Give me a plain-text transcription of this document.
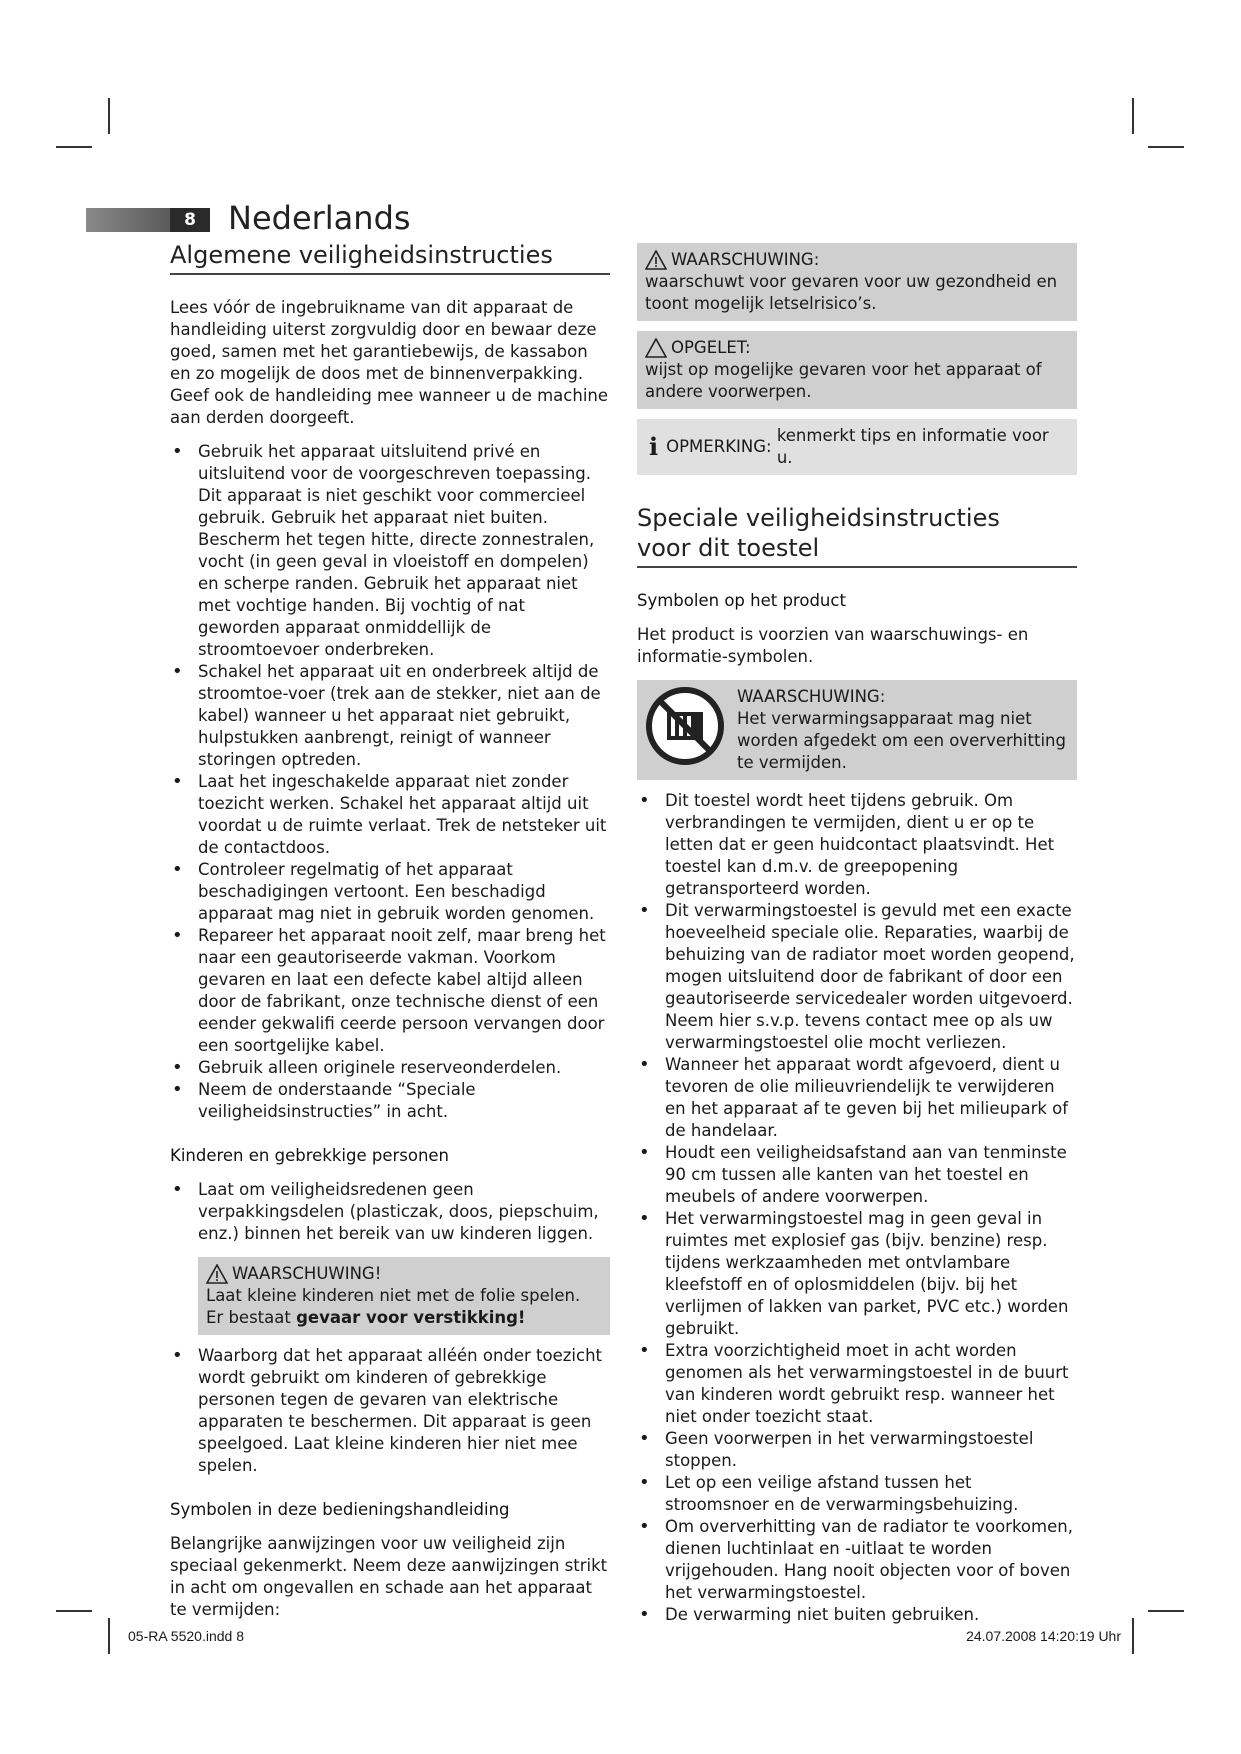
8	Nederlands
Algemene veiligheidsinstructies

Lees vóór de ingebruikname van dit apparaat de handleiding uiterst zorgvuldig door en bewaar deze goed, samen met het garantiebewijs, de kassabon en zo mogelijk de doos met de binnenverpakking. Geef ook de handleiding mee wanneer u de machine aan derden doorgeeft.

• Gebruik het apparaat uitsluitend privé en uitsluitend voor de voorgeschreven toepassing. Dit apparaat is niet geschikt voor commercieel gebruik. Gebruik het apparaat niet buiten. Bescherm het tegen hitte, directe zonnestralen, vocht (in geen geval in vloeistoff en dompelen) en scherpe randen. Gebruik het apparaat niet met vochtige handen. Bij vochtig of nat geworden apparaat onmiddellijk de stroomtoevoer onderbreken.
• Schakel het apparaat uit en onderbreek altijd de stroomtoe-voer (trek aan de stekker, niet aan de kabel) wanneer u het apparaat niet gebruikt, hulpstukken aanbrengt, reinigt of wanneer storingen optreden.
• Laat het ingeschakelde apparaat niet zonder toezicht werken. Schakel het apparaat altijd uit voordat u de ruimte verlaat. Trek de netsteker uit de contactdoos.
• Controleer regelmatig of het apparaat beschadigingen vertoont. Een beschadigd apparaat mag niet in gebruik worden genomen.
• Repareer het apparaat nooit zelf, maar breng het naar een geautoriseerde vakman. Voorkom gevaren en laat een defecte kabel altijd alleen door de fabrikant, onze technische dienst of een eender gekwalifi ceerde persoon vervangen door een soortgelijke kabel.
• Gebruik alleen originele reserveonderdelen.
• Neem de onderstaande “Speciale veiligheidsinstructies” in acht.
Kinderen en gebrekkige personen
• Laat om veiligheidsredenen geen verpakkingsdelen (plasticzak, doos, piepschuim, enz.) binnen het bereik van uw kinderen liggen.
WAARSCHUWING!
Laat kleine kinderen niet met de folie spelen. Er bestaat gevaar voor verstikking!
• Waarborg dat het apparaat alléén onder toezicht wordt gebruikt om kinderen of gebrekkige personen tegen de gevaren van elektrische apparaten te beschermen. Dit apparaat is geen speelgoed. Laat kleine kinderen hier niet mee spelen.
Symbolen in deze bedieningshandleiding

Belangrijke aanwijzingen voor uw veiligheid zijn speciaal gekenmerkt. Neem deze aanwijzingen strikt in acht om ongevallen en schade aan het apparaat te vermijden:

WAARSCHUWING:
waarschuwt voor gevaren voor uw gezondheid en toont mogelijk letselrisico’s.
OPGELET:
wijst op mogelijke gevaren voor het apparaat of andere voorwerpen.
i OPMERKING:

kenmerkt tips en informatie voor u.
Speciale veiligheidsinstructies
voor dit toestel
Symbolen op het product

Het product is voorzien van waarschuwings- en informatie-symbolen.

WAARSCHUWING:
Het verwarmingsapparaat mag niet worden afgedekt om een oververhitting te vermijden.
• Dit toestel wordt heet tijdens gebruik. Om verbrandingen te vermijden, dient u er op te letten dat er geen huidcontact plaatsvindt. Het toestel kan d.m.v. de greepopening getransporteerd worden.
• Dit verwarmingstoestel is gevuld met een exacte hoeveelheid speciale olie. Reparaties, waarbij de behuizing van de radiator moet worden geopend, mogen uitsluitend door de fabrikant of door een geautoriseerde servicedealer worden uitgevoerd. Neem hier s.v.p. tevens contact mee op als uw verwarmingstoestel olie mocht verliezen.
• Wanneer het apparaat wordt afgevoerd, dient u tevoren de olie milieuvriendelijk te verwijderen en het apparaat af te geven bij het milieupark of de handelaar.
• Houdt een veiligheidsafstand aan van tenminste 90 cm tussen alle kanten van het toestel en meubels of andere voorwerpen.
• Het verwarmingstoestel mag in geen geval in ruimtes met explosief gas (bijv. benzine) resp. tijdens werkzaamheden met ontvlambare kleefstoff en of oplosmiddelen (bijv. bij het verlijmen of lakken van parket, PVC etc.) worden gebruikt.
• Extra voorzichtigheid moet in acht worden genomen als het verwarmingstoestel in de buurt van kinderen wordt gebruikt resp. wanneer het niet onder toezicht staat.
• Geen voorwerpen in het verwarmingstoestel stoppen.
• Let op een veilige afstand tussen het stroomsnoer en de verwarmingsbehuizing.
• Om oververhitting van de radiator te voorkomen, dienen luchtinlaat en -uitlaat te worden vrijgehouden. Hang nooit objecten voor of boven het verwarmingstoestel.
• De verwarming niet buiten gebruiken.
05-RA 5520.indd 8	24.07.2008 14:20:19 Uhr
